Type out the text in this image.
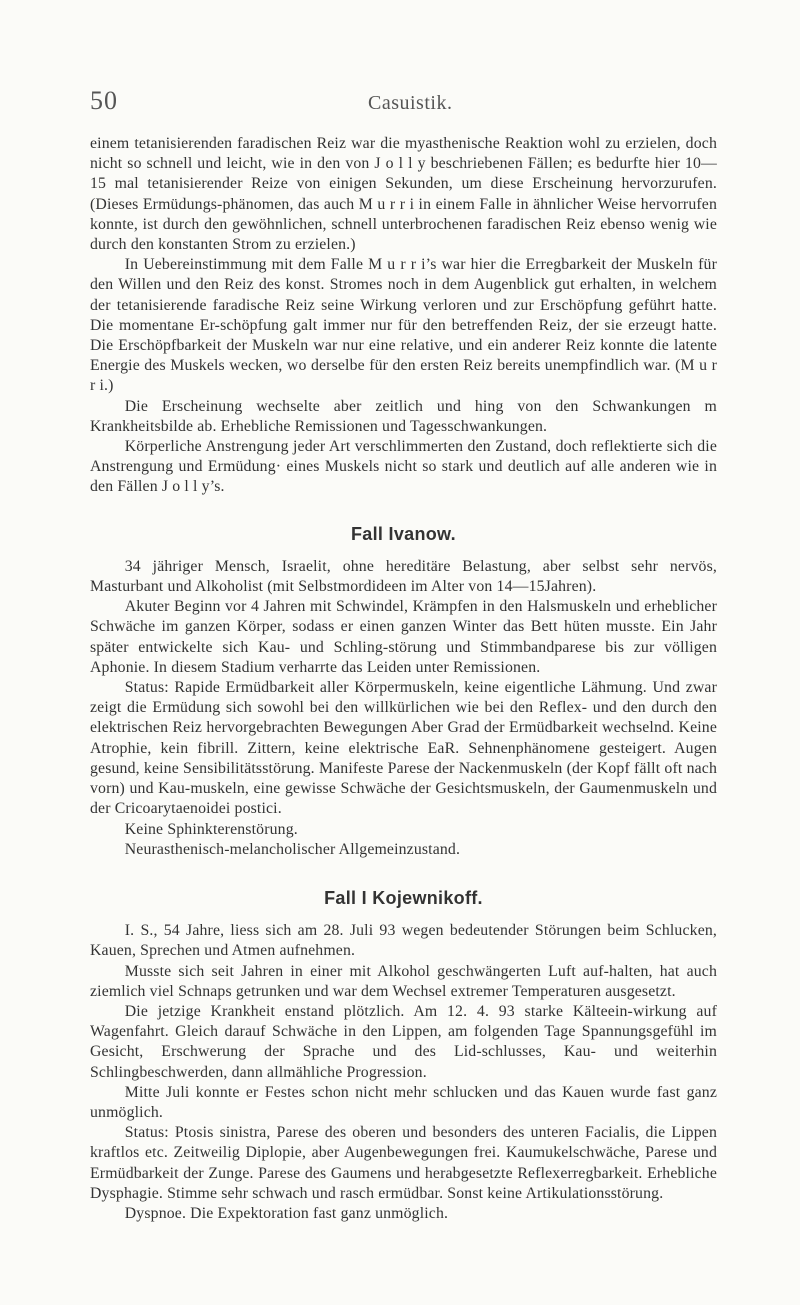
50	Casuistik.

einem tetanisierenden faradischen Reiz war die myasthenische Reaktion wohl zu erzielen, doch nicht so schnell und leicht, wie in den von J o l l y beschriebenen Fällen; es bedurfte hier 10—15 mal tetanisierender Reize von einigen Sekunden, um diese Erscheinung hervorzurufen. (Dieses Ermüdungs-phänomen, das auch M u r r i in einem Falle in ähnlicher Weise hervorrufen konnte, ist durch den gewöhnlichen, schnell unterbrochenen faradischen Reiz ebenso wenig wie durch den konstanten Strom zu erzielen.)

In Uebereinstimmung mit dem Falle M u r r i’s war hier die Erregbarkeit der Muskeln für den Willen und den Reiz des konst. Stromes noch in dem Augenblick gut erhalten, in welchem der tetanisierende faradische Reiz seine Wirkung verloren und zur Erschöpfung geführt hatte. Die momentane Er-schöpfung galt immer nur für den betreffenden Reiz, der sie erzeugt hatte. Die Erschöpfbarkeit der Muskeln war nur eine relative, und ein anderer Reiz konnte die latente Energie des Muskels wecken, wo derselbe für den ersten Reiz bereits unempfindlich war. (M u r r i.)

Die Erscheinung wechselte aber zeitlich und hing von den Schwankungen m Krankheitsbilde ab. Erhebliche Remissionen und Tagesschwankungen.

Körperliche Anstrengung jeder Art verschlimmerten den Zustand, doch reflektierte sich die Anstrengung und Ermüdung· eines Muskels nicht so stark und deutlich auf alle anderen wie in den Fällen J o l l y’s.

Fall Ivanow.

34 jähriger Mensch, Israelit, ohne hereditäre Belastung, aber selbst sehr nervös, Masturbant und Alkoholist (mit Selbstmordideen im Alter von 14—15Jahren).

Akuter Beginn vor 4 Jahren mit Schwindel, Krämpfen in den Halsmuskeln und erheblicher Schwäche im ganzen Körper, sodass er einen ganzen Winter das Bett hüten musste. Ein Jahr später entwickelte sich Kau- und Schling-störung und Stimmbandparese bis zur völligen Aphonie. In diesem Stadium verharrte das Leiden unter Remissionen.

Status: Rapide Ermüdbarkeit aller Körpermuskeln, keine eigentliche Lähmung. Und zwar zeigt die Ermüdung sich sowohl bei den willkürlichen wie bei den Reflex- und den durch den elektrischen Reiz hervorgebrachten Bewegungen Aber Grad der Ermüdbarkeit wechselnd. Keine Atrophie, kein fibrill. Zittern, keine elektrische EaR. Sehnenphänomene gesteigert. Augen gesund, keine Sensibilitätsstörung. Manifeste Parese der Nackenmuskeln (der Kopf fällt oft nach vorn) und Kau-muskeln, eine gewisse Schwäche der Gesichtsmuskeln, der Gaumenmuskeln und der Cricoarytaenoidei postici.

Keine Sphinkterenstörung.

Neurasthenisch-melancholischer Allgemeinzustand.

Fall I Kojewnikoff.

I. S., 54 Jahre, liess sich am 28. Juli 93 wegen bedeutender Störungen beim Schlucken, Kauen, Sprechen und Atmen aufnehmen.

Musste sich seit Jahren in einer mit Alkohol geschwängerten Luft auf-halten, hat auch ziemlich viel Schnaps getrunken und war dem Wechsel extremer Temperaturen ausgesetzt.

Die jetzige Krankheit enstand plötzlich. Am 12. 4. 93 starke Kälteein-wirkung auf Wagenfahrt. Gleich darauf Schwäche in den Lippen, am folgenden Tage Spannungsgefühl im Gesicht, Erschwerung der Sprache und des Lid-schlusses, Kau- und weiterhin Schlingbeschwerden, dann allmähliche Progression.

Mitte Juli konnte er Festes schon nicht mehr schlucken und das Kauen wurde fast ganz unmöglich.

Status: Ptosis sinistra, Parese des oberen und besonders des unteren Facialis, die Lippen kraftlos etc. Zeitweilig Diplopie, aber Augenbewegungen frei. Kaumukelschwäche, Parese und Ermüdbarkeit der Zunge. Parese des Gaumens und herabgesetzte Reflexerregbarkeit. Erhebliche Dysphagie. Stimme sehr schwach und rasch ermüdbar. Sonst keine Artikulationsstörung.

Dyspnoe. Die Expektoration fast ganz unmöglich.
